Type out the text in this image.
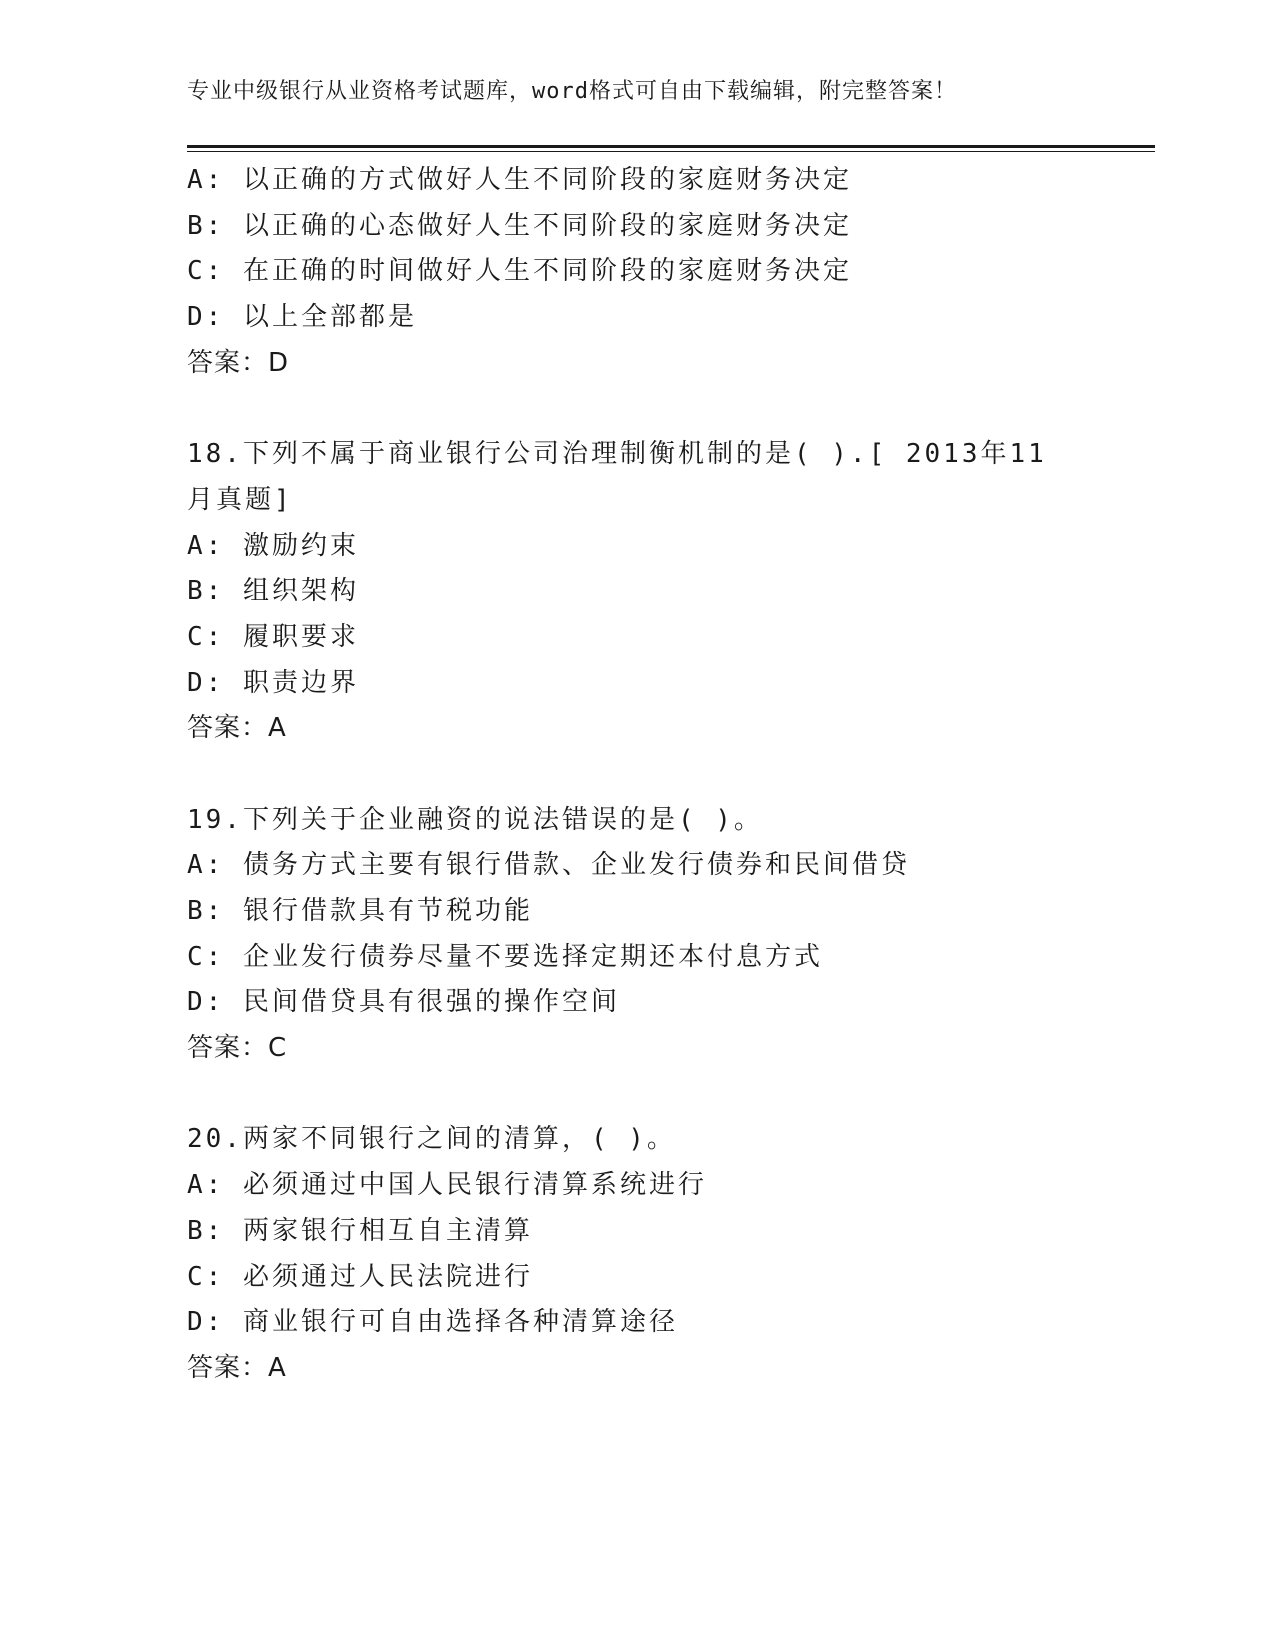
专业中级银行从业资格考试题库，word格式可自由下载编辑，附完整答案！
A: 以正确的方式做好人生不同阶段的家庭财务决定
B: 以正确的心态做好人生不同阶段的家庭财务决定
C: 在正确的时间做好人生不同阶段的家庭财务决定
D: 以上全部都是
答案：D
18.下列不属于商业银行公司治理制衡机制的是( ).[ 2013年11
月真题]
A: 激励约束
B: 组织架构
C: 履职要求
D: 职责边界
答案：A
19.下列关于企业融资的说法错误的是( )。
A: 债务方式主要有银行借款、企业发行债券和民间借贷
B: 银行借款具有节税功能
C: 企业发行债券尽量不要选择定期还本付息方式
D: 民间借贷具有很强的操作空间
答案：C
20.两家不同银行之间的清算，( )。
A: 必须通过中国人民银行清算系统进行
B: 两家银行相互自主清算
C: 必须通过人民法院进行
D: 商业银行可自由选择各种清算途径
答案：A
